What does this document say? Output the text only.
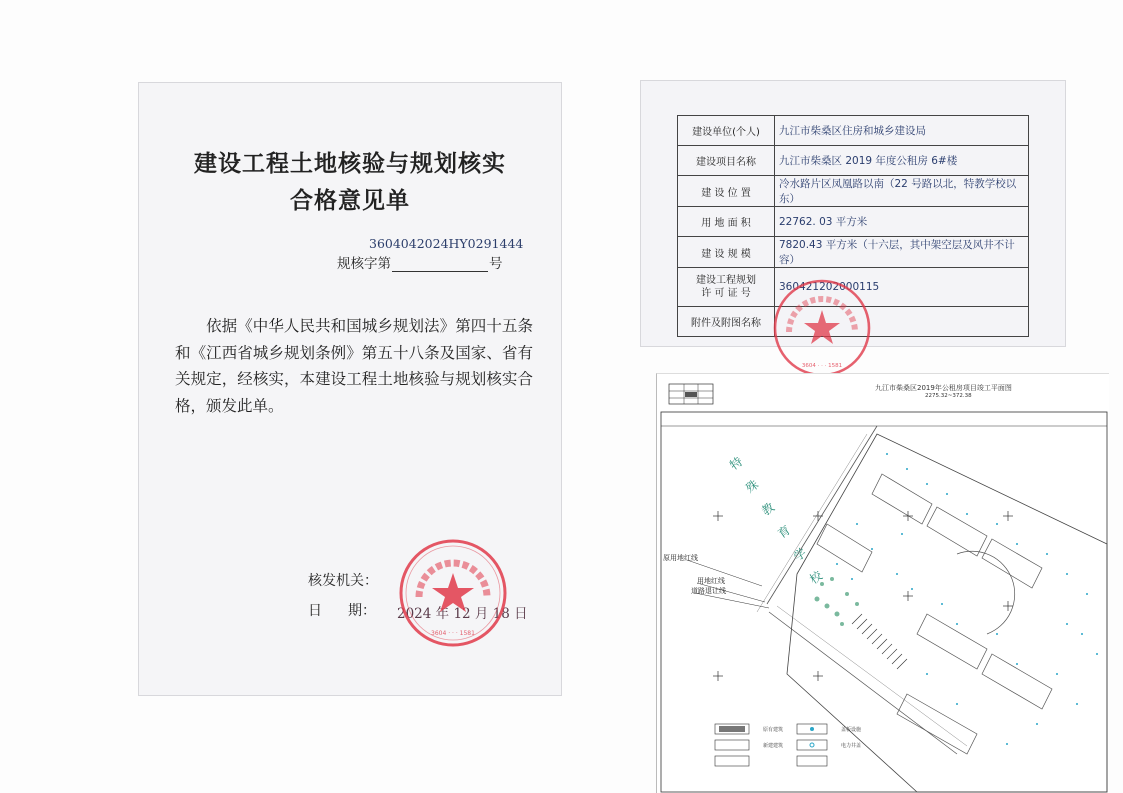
建设工程土地核验与规划核实
合格意见单
3604042024HY0291444
规核字第	号
依据《中华人民共和国城乡规划法》第四十五条和《江西省城乡规划条例》第五十八条及国家、省有关规定，经核实，本建设工程土地核验与规划核实合格，颁发此单。
核发机关：
日 期： 2024 年 12 月 18 日
3604 · · · 1581
建设单位(个人)	九江市柴桑区住房和城乡建设局
建设项目名称	九江市柴桑区 2019 年度公租房 6#楼
建 设 位 置	冷水路片区凤凰路以南（22 号路以北，特教学校以东）
用 地 面 积	22762. 03 平方米
建 设 规 模	7820.43 平方米（十六层，其中架空层及风井不计容）
建设工程规划
许 可 证 号	360421202000115
附件及附图名称	
3604 · · · 1581
九江市柴桑区2019年公租房项目竣工平面图
2275.32~372.38
特 殊 教 育 学 校
原用地红线
用地红线
道路退让线
原有建筑
新建建筑
盖板设施
电力井盖
